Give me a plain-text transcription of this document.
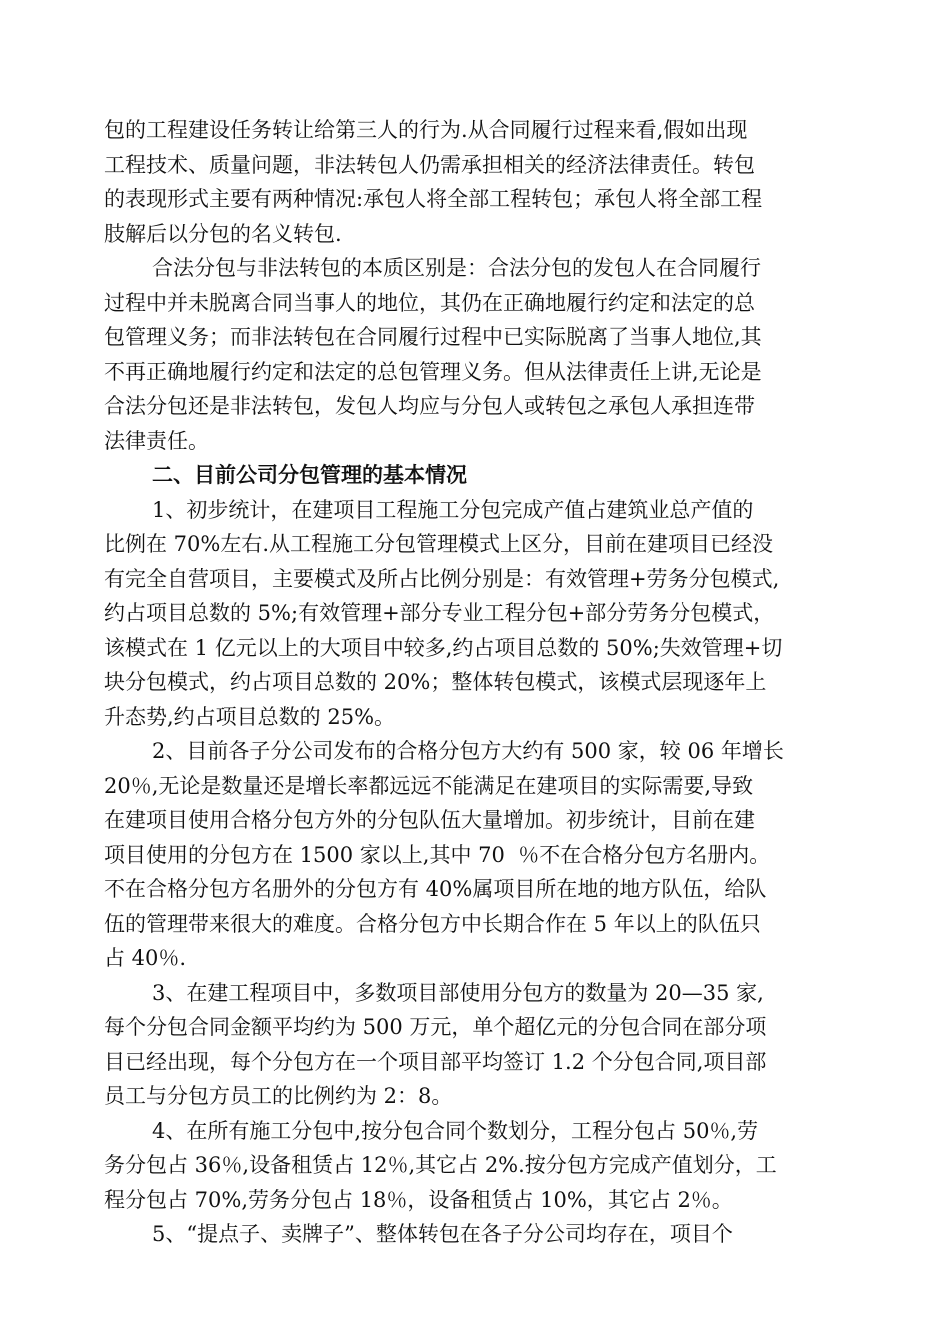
包的工程建设任务转让给第三人的行为.从合同履行过程来看,假如出现
工程技术、质量问题，非法转包人仍需承担相关的经济法律责任。转包
的表现形式主要有两种情况:承包人将全部工程转包；承包人将全部工程
肢解后以分包的名义转包.
合法分包与非法转包的本质区别是：合法分包的发包人在合同履行
过程中并未脱离合同当事人的地位，其仍在正确地履行约定和法定的总
包管理义务；而非法转包在合同履行过程中已实际脱离了当事人地位,其
不再正确地履行约定和法定的总包管理义务。但从法律责任上讲,无论是
合法分包还是非法转包，发包人均应与分包人或转包之承包人承担连带
法律责任。
二、目前公司分包管理的基本情况
1、初步统计，在建项目工程施工分包完成产值占建筑业总产值的
比例在 70%左右.从工程施工分包管理模式上区分，目前在建项目已经没
有完全自营项目，主要模式及所占比例分别是：有效管理+劳务分包模式,
约占项目总数的 5%;有效管理+部分专业工程分包+部分劳务分包模式，
该模式在 1 亿元以上的大项目中较多,约占项目总数的 50%;失效管理+切
块分包模式，约占项目总数的 20%；整体转包模式，该模式层现逐年上
升态势,约占项目总数的 25%。
2、目前各子分公司发布的合格分包方大约有 500 家，较 06 年增长
20％,无论是数量还是增长率都远远不能满足在建项目的实际需要,导致
在建项目使用合格分包方外的分包队伍大量增加。初步统计，目前在建
项目使用的分包方在 1500 家以上,其中 70  ％不在合格分包方名册内。
不在合格分包方名册外的分包方有 40%属项目所在地的地方队伍，给队
伍的管理带来很大的难度。合格分包方中长期合作在 5 年以上的队伍只
占 40％.
3、在建工程项目中，多数项目部使用分包方的数量为 20—35 家,
每个分包合同金额平均约为 500 万元，单个超亿元的分包合同在部分项
目已经出现，每个分包方在一个项目部平均签订 1.2 个分包合同,项目部
员工与分包方员工的比例约为 2：8。
4、在所有施工分包中,按分包合同个数划分，工程分包占 50％,劳
务分包占 36％,设备租赁占 12％,其它占 2%.按分包方完成产值划分，工
程分包占 70%,劳务分包占 18％，设备租赁占 10%，其它占 2％。
5、“提点子、卖牌子”、整体转包在各子分公司均存在，项目个
